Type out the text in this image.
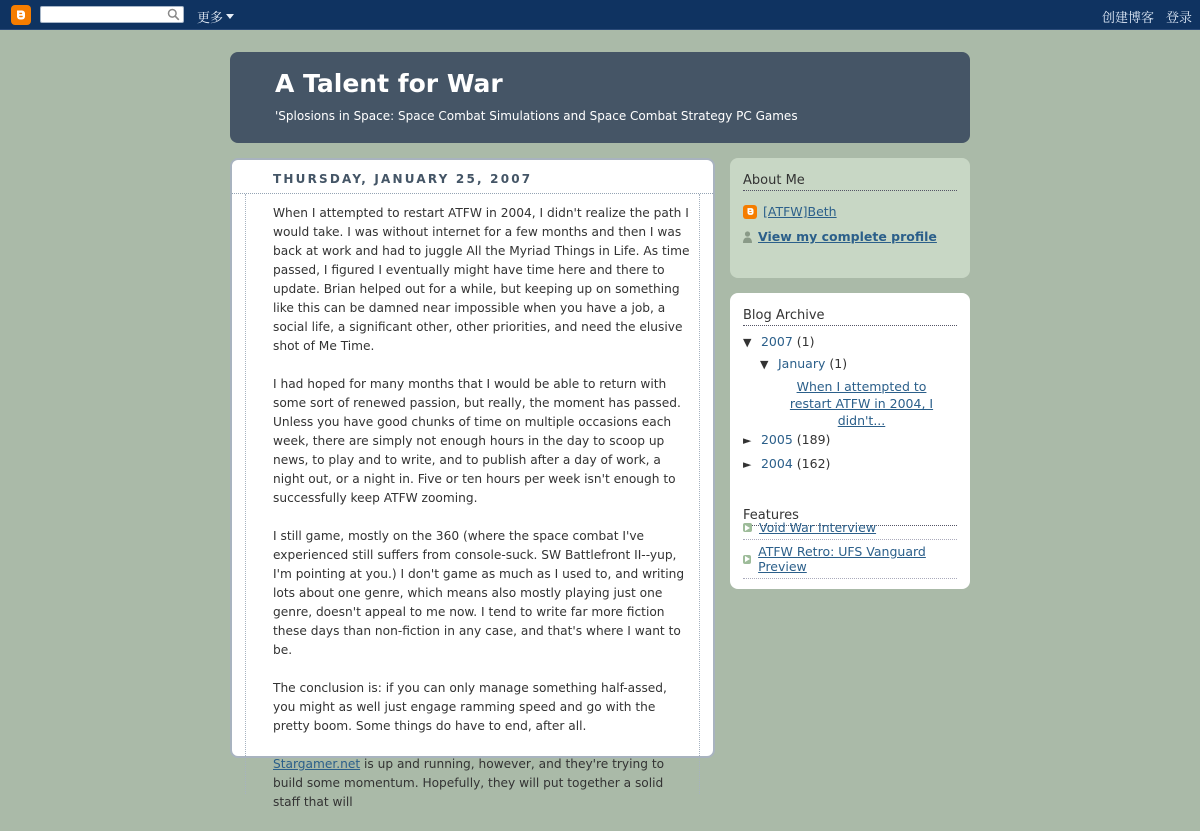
更多	创建博客 登录
A Talent for War
'Splosions in Space: Space Combat Simulations and Space Combat Strategy PC Games
THURSDAY, JANUARY 25, 2007

When I attempted to restart ATFW in 2004, I didn't realize the path I would take. I was without internet for a few months and then I was back at work and had to juggle All the Myriad Things in Life. As time passed, I figured I eventually might have time here and there to update. Brian helped out for a while, but keeping up on something like this can be damned near impossible when you have a job, a social life, a significant other, other priorities, and need the elusive shot of Me Time.

I had hoped for many months that I would be able to return with some sort of renewed passion, but really, the moment has passed. Unless you have good chunks of time on multiple occasions each week, there are simply not enough hours in the day to scoop up news, to play and to write, and to publish after a day of work, a night out, or a night in. Five or ten hours per week isn't enough to successfully keep ATFW zooming.

I still game, mostly on the 360 (where the space combat I've experienced still suffers from console-suck. SW Battlefront II--yup, I'm pointing at you.) I don't game as much as I used to, and writing lots about one genre, which means also mostly playing just one genre, doesn't appeal to me now. I tend to write far more fiction these days than non-fiction in any case, and that's where I want to be.

The conclusion is: if you can only manage something half-assed, you might as well just engage ramming speed and go with the pretty boom. Some things do have to end, after all.

Stargamer.net is up and running, however, and they're trying to build some momentum. Hopefully, they will put together a solid staff that will

About Me
[ATFW]Beth
View my complete profile
Blog Archive
▼ 2007 (1)
▼ January (1)
When I attempted to restart ATFW in 2004, I didn't...
► 2005 (189)
► 2004 (162)
Features
Void War Interview
ATFW Retro: UFS Vanguard Preview
